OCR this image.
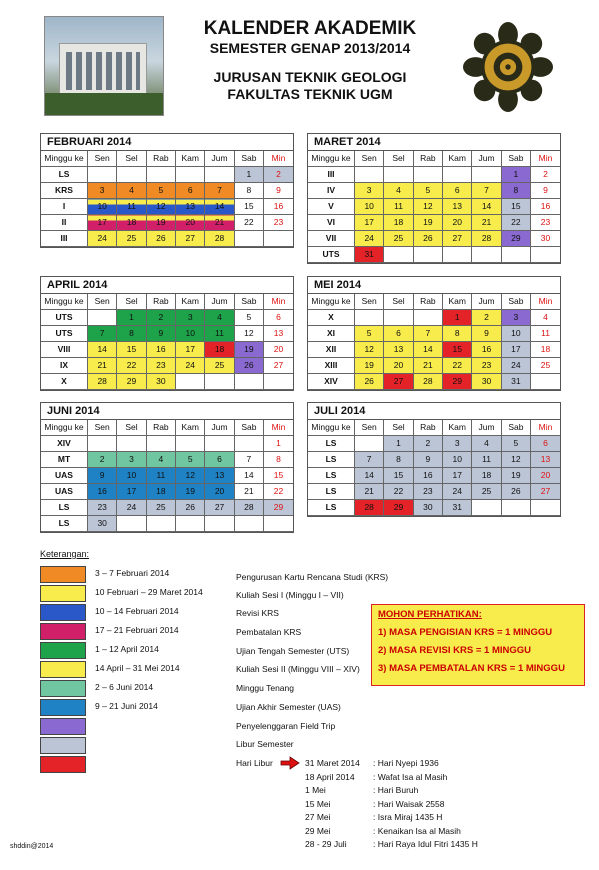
KALENDER AKADEMIK
SEMESTER GENAP 2013/2014
JURUSAN TEKNIK GEOLOGI
FAKULTAS TEKNIK UGM
FEBRUARI 2014
Minggu ke	Sen	Sel	Rab	Kam	Jum	Sab	Min
LS						1	2
KRS	3	4	5	6	7	8	9
I	10	11	12	13	14	15	16
II	17	18	19	20	21	22	23
III	24	25	26	27	28		
MARET 2014
Minggu ke	Sen	Sel	Rab	Kam	Jum	Sab	Min
III						1	2
IV	3	4	5	6	7	8	9
V	10	11	12	13	14	15	16
VI	17	18	19	20	21	22	23
VII	24	25	26	27	28	29	30
UTS	31						
APRIL 2014
Minggu ke	Sen	Sel	Rab	Kam	Jum	Sab	Min
UTS		1	2	3	4	5	6
UTS	7	8	9	10	11	12	13
VIII	14	15	16	17	18	19	20
IX	21	22	23	24	25	26	27
X	28	29	30				
MEI 2014
Minggu ke	Sen	Sel	Rab	Kam	Jum	Sab	Min
X				1	2	3	4
XI	5	6	7	8	9	10	11
XII	12	13	14	15	16	17	18
XIII	19	20	21	22	23	24	25
XIV	26	27	28	29	30	31	
JUNI 2014
Minggu ke	Sen	Sel	Rab	Kam	Jum	Sab	Min
XIV							1
MT	2	3	4	5	6	7	8
UAS	9	10	11	12	13	14	15
UAS	16	17	18	19	20	21	22
LS	23	24	25	26	27	28	29
LS	30						
JULI 2014
Minggu ke	Sen	Sel	Rab	Kam	Jum	Sab	Min
LS		1	2	3	4	5	6
LS	7	8	9	10	11	12	13
LS	14	15	16	17	18	19	20
LS	21	22	23	24	25	26	27
LS	28	29	30	31			
Keterangan:
3 – 7 Februari 2014
10 Februari – 29 Maret 2014
10 – 14 Februari 2014
17 – 21 Februari 2014
1 – 12 April 2014
14 April – 31 Mei 2014
2 – 6 Juni 2014
9 – 21 Juni 2014
Pengurusan Kartu Rencana Studi (KRS)
Kuliah Sesi I (Minggu I – VII)
Revisi KRS
Pembatalan KRS
Ujian Tengah Semester (UTS)
Kuliah Sesi II (Minggu VIII – XIV)
Minggu Tenang
Ujian Akhir Semester (UAS)
Penyelenggaran Field Trip
Libur Semester
Hari Libur
MOHON PERHATIKAN:
1) MASA PENGISIAN KRS = 1 MINGGU
2) MASA REVISI KRS = 1 MINGGU
3) MASA PEMBATALAN KRS = 1 MINGGU
31 Maret 2014 : Hari Nyepi 1936
18 April 2014 : Wafat Isa al Masih
1 Mei	: Hari Buruh
15 Mei	: Hari Waisak 2558
27 Mei	: Isra Miraj 1435 H
29 Mei	: Kenaikan Isa al Masih
28 - 29 Juli	: Hari Raya Idul Fitri 1435 H
shddin@2014
